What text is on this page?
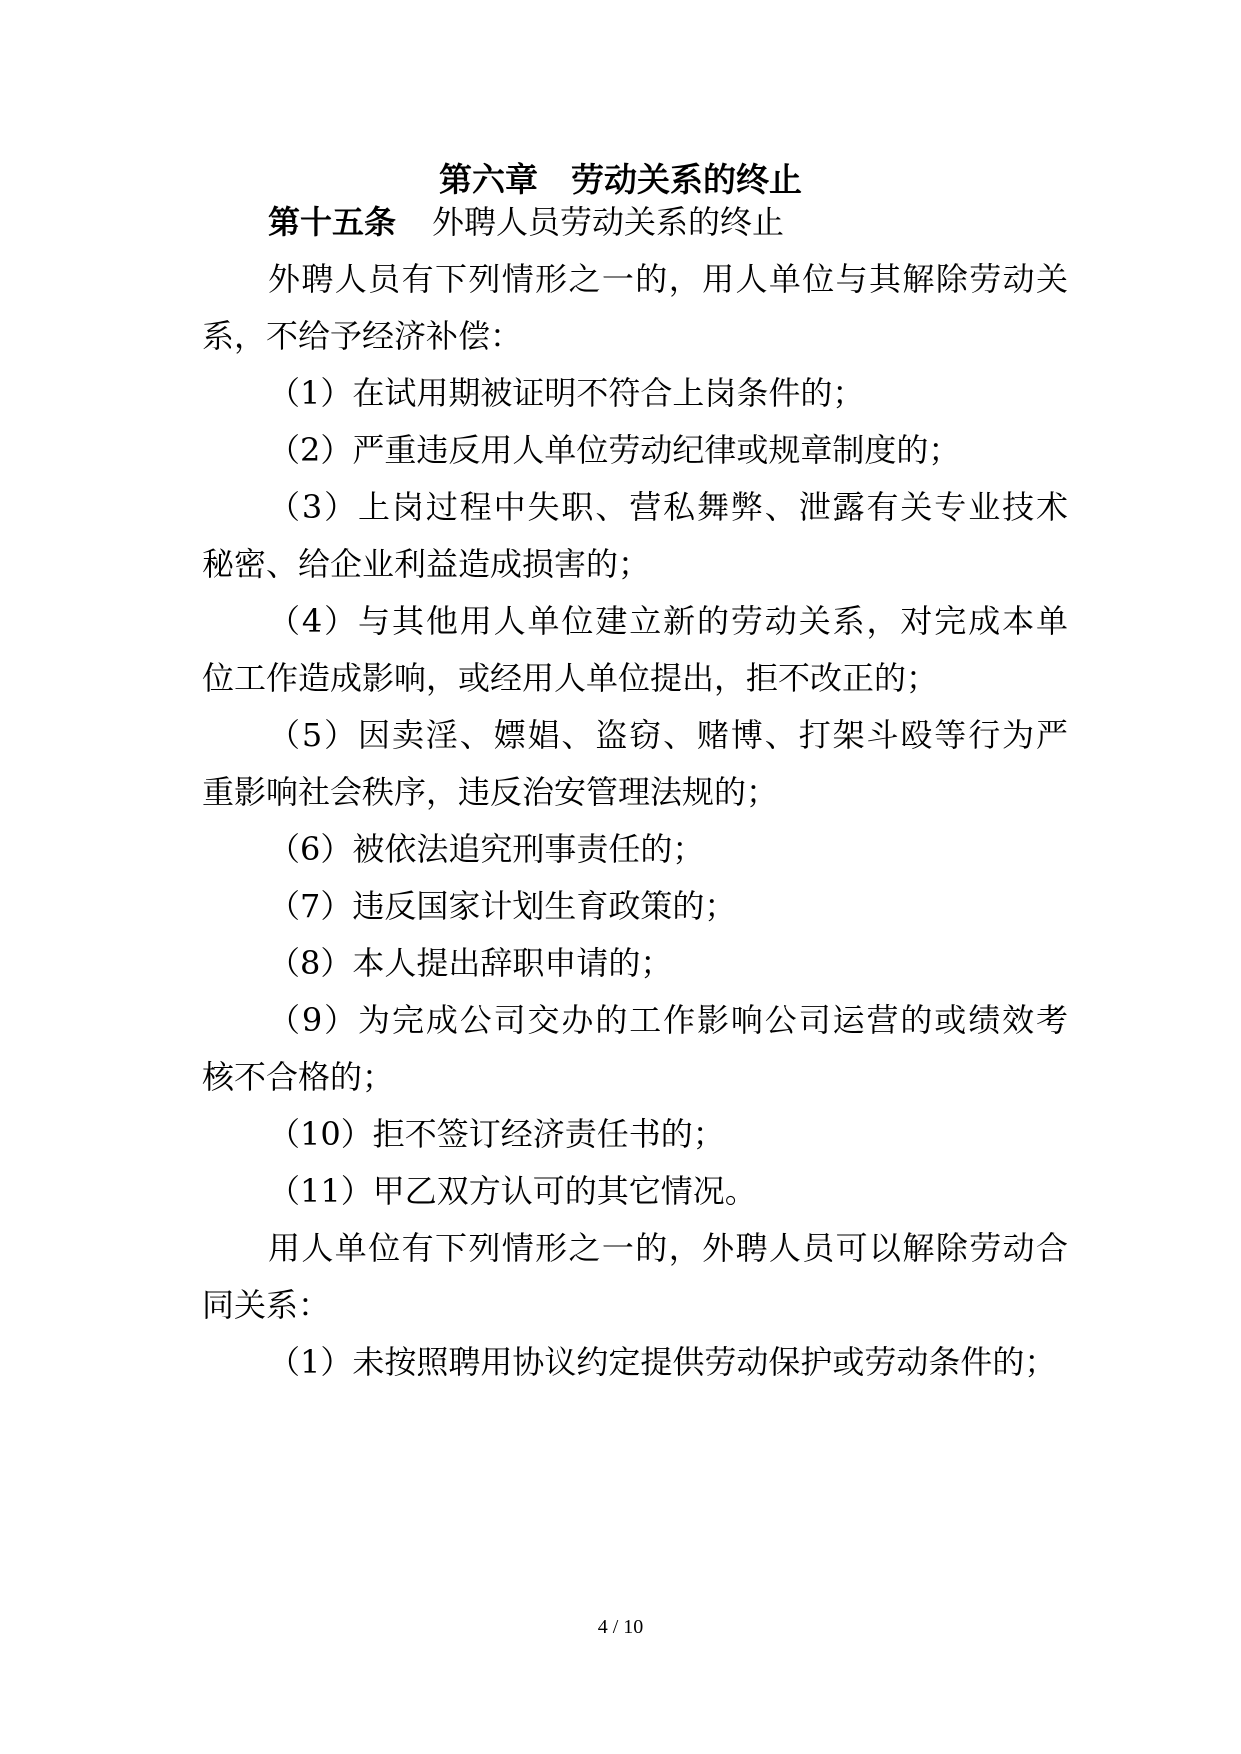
第六章　劳动关系的终止
第十五条 外聘人员劳动关系的终止
外聘人员有下列情形之一的，用人单位与其解除劳动关
系，不给予经济补偿：
（1）在试用期被证明不符合上岗条件的；
（2）严重违反用人单位劳动纪律或规章制度的；
（3）上岗过程中失职、营私舞弊、泄露有关专业技术
秘密、给企业利益造成损害的；
（4）与其他用人单位建立新的劳动关系，对完成本单
位工作造成影响，或经用人单位提出，拒不改正的；
（5）因卖淫、嫖娼、盗窃、赌博、打架斗殴等行为严
重影响社会秩序，违反治安管理法规的；
（6）被依法追究刑事责任的；
（7）违反国家计划生育政策的；
（8）本人提出辞职申请的；
（9）为完成公司交办的工作影响公司运营的或绩效考
核不合格的；
（10）拒不签订经济责任书的；
（11）甲乙双方认可的其它情况。
用人单位有下列情形之一的，外聘人员可以解除劳动合
同关系：
（1）未按照聘用协议约定提供劳动保护或劳动条件的；
4 / 10
